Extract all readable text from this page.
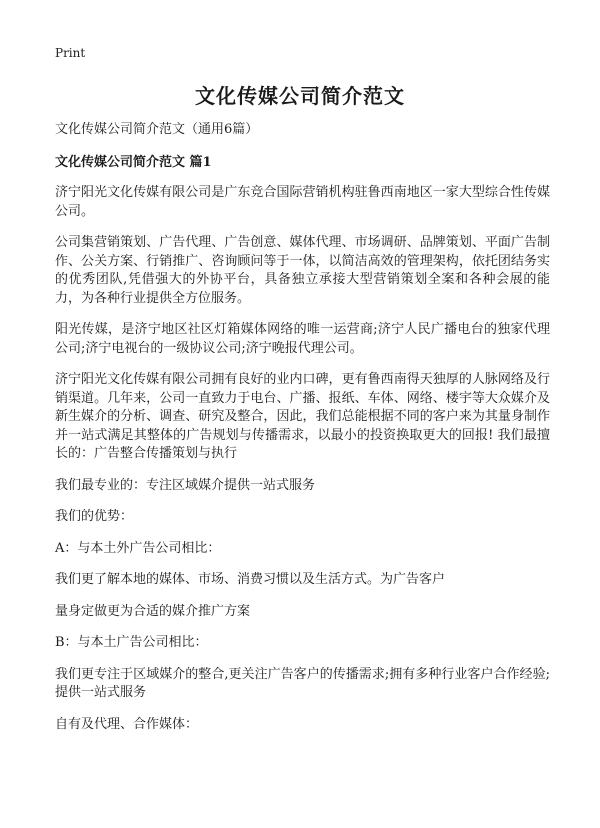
Print
文化传媒公司简介范文

文化传媒公司简介范文（通用6篇）

文化传媒公司简介范文 篇1

济宁阳光文化传媒有限公司是广东竞合国际营销机构驻鲁西南地区一家大型综合性传媒公司。

公司集营销策划、广告代理、广告创意、媒体代理、市场调研、品牌策划、平面广告制作、公关方案、行销推广、咨询顾问等于一体，以简洁高效的管理架构，依托团结务实的优秀团队,凭借强大的外协平台，具备独立承接大型营销策划全案和各种会展的能力，为各种行业提供全方位服务。

阳光传媒，是济宁地区社区灯箱媒体网络的唯一运营商;济宁人民广播电台的独家代理公司;济宁电视台的一级协议公司;济宁晚报代理公司。

济宁阳光文化传媒有限公司拥有良好的业内口碑，更有鲁西南得天独厚的人脉网络及行销渠道。几年来，公司一直致力于电台、广播、报纸、车体、网络、楼宇等大众媒介及新生媒介的分析、调查、研究及整合，因此，我们总能根据不同的客户来为其量身制作并一站式满足其整体的广告规划与传播需求，以最小的投资换取更大的回报! 我们最擅长的：广告整合传播策划与执行

我们最专业的：专注区域媒介提供一站式服务

我们的优势：

A：与本土外广告公司相比：

我们更了解本地的媒体、市场、消费习惯以及生活方式。为广告客户

量身定做更为合适的媒介推广方案

B：与本土广告公司相比：

我们更专注于区域媒介的整合,更关注广告客户的传播需求;拥有多种行业客户合作经验; 提供一站式服务

自有及代理、合作媒体：
